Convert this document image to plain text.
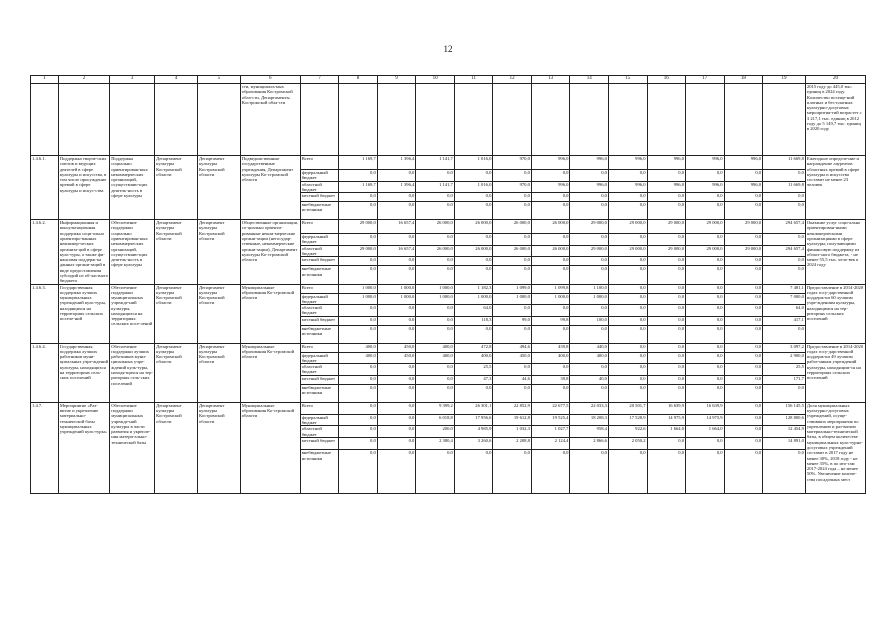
12
1	2	3	4	5	6	7	8	9	10	11	12	13	14	15	16	17	18	19	20
					сти, муниципаль-ных образования Костромской обла-сти, Департаменты Костромской обла-сти														2015 году до 445,0 тыс. единиц в 2024 году. Количество посеще-ний платных и бес-платных культурно-досуговых меропрития-тий возрастет с 3 217,1 тыс. единиц в 2012 году до 5 149,7 тыс. единиц в 2020 году
1.4.6.1.	Поддержка творче-ских союзов и ведущих деятелей в сфере культуры и искусства, в том числе присуждение премий в сфере культуры и искус-ства	Поддержка социально ориентирован-ных некоммерческих организаций, осуществляю-щих деятель-ность в сфере культуры	Департамент культуры Костромской области	Департамент культуры Костромской области	Подведомственные государственные учреждения, Департамент культуры Ко-стромской области	Всего	1 169,7	1 396,4	1 141,7	1 016,0	970,0	996,0	996,0	996,0	996,0	996,0	996,0	11 669,8	Ежегодное определе-ние и награждение лауреатов областных премий в сфере культуры и искусства составит не менее 23 человек
						федеральный бюджет	0,0	0,0	0,0	0,0	0,0	0,0	0,0	0,0	0,0	0,0	0,0	0,0	
						областной бюджет	1 169,7	1 396,4	1 141,7	1 016,0	970,0	996,0	996,0	996,0	996,0	996,0	996,0	11 669,8	
						местный бюджет	0,0	0,0	0,0	0,0	0,0	0,0	0,0	0,0	0,0	0,0	0,0	0,0	
						внебюджетные источники	0,0	0,0	0,0	0,0	0,0	0,0	0,0	0,0	0,0	0,0	0,0	0,0	
1.4.6.2.	Информационная и консультационная поддержка соци-ально ориентиро-ванных некоммер-ческих организа-ций в сфере куль-туры, а также фи-нансовая поддерж-ка данных органи-заций в виде предоставления субсидий из об-ластного бюджета	Обеспечение поддержки социально ориентирован-ных некоммерческих организаций, осуществляю-щих деятель-ность в сфере культуры	Департамент культуры Костромской области	Департамент культуры Костромской области	Общественные организации, со-циально ориенти-рованные неком-мерческие органи-зации (негосудар-ственные, некоммерческие органи-зации), Департамент культуры Ко-стромской области	Всего	29 000,0	16 657,4	26 000,0	26 000,0	26 000,0	26 000,0	29 000,0	29 000,0	29 000,0	29 000,0	29 000,0	294 657,4	Оказание услуг соци-ально ориентирован-ными некоммерческими организациями в сфере культуры, получающими финансовую поддержку из област-ного бюджета, - не менее 55,5 тыс. чело-век к 2024 году
						федеральный бюджет	0,0	0,0	0,0	0,0	0,0	0,0	0,0	0,0	0,0	0,0	0,0	0,0	
						областной бюджет	29 000,0	16 657,4	26 000,0	26 000,0	26 000,0	26 000,0	29 000,0	29 000,0	29 000,0	29 000,0	29 000,0	294 657,4	
						местный бюджет	0,0	0,0	0,0	0,0	0,0	0,0	0,0	0,0	0,0	0,0	0,0	0,0	
						внебюджетные источники	0,0	0,0	0,0	0,0	0,0	0,0	0,0	0,0	0,0	0,0	0,0	0,0	
1.4.6.3.	Государственная поддержка лучших муниципальных учреждений куль-туры, находящихся на территориях сельских поселе-ний	Обеспечение поддержки муниципальных учрежде-ний культуры, находящихся на территориях сельских посе-лений	Департамент культуры Костромской области	Департамент культуры Костромской области	Муниципальные образования Ко-стромской области	Всего	1 000,0	1 000,0	1 000,0	1 182,3	1 099,0	1 099,8	1 100,0	0,0	0,0	0,0	0,0	7 481,1	Предоставление в 2014-2020 годах госу-дарственной поддерж-ки 60 лучшим учре-ждениям культуры, находящимся на тер-риториях сельских поселений
						федеральный бюджет	1 000,0	1 000,0	1 000,0	1 000,0	1 000,0	1 000,0	1 000,0	0,0	0,0	0,0	0,0	7 000,0	
						областной бюджет	0,0	0,0	0,0	64,0	0,0	0,0	0,0	0,0	0,0	0,0	0,0	64,0	
						местный бюджет	0,0	0,0	0,0	118,3	99,0	99,8	100,0	0,0	0,0	0,0	0,0	417,1	
						внебюджетные источники	0,0	0,0	0,0	0,0	0,0	0,0	0,0	0,0	0,0	0,0	0,0	0,0	
1.4.6.4.	Государственная поддержка лучших работников муни-ципальных учре-ждений культуры, находящихся на территориях сель-ских поселений	Обеспечение поддержки лучших работников муни-ципальных учре-ждений куль-туры, находя-щихся на тер-риториях сель-ских поселений	Департамент культуры Костромской области	Департамент культуры Костромской области	Муниципальные образования Ко-стромской области	Всего	400,0	450,0	400,0	472,8	494,6	439,8	440,0	0,0	0,0	0,0	0,0	3 097,2	Предоставление в 2014-2020 годах госу-дарственной поддерж-ки 49 лучшим работ-никам учреждений культуры, находящим-ся на территориях сельских поселений
						федеральный бюджет	400,0	450,0	400,0	400,0	450,0	400,0	400,0	0,0	0,0	0,0	0,0	2 900,0	
						областной бюджет	0,0	0,0	0,0	25,5	0,0	0,0	0,0	0,0	0,0	0,0	0,0	25,5	
						местный бюджет	0,0	0,0	0,0	47,3	44,6	39,8	40,0	0,0	0,0	0,0	0,0	171,7	
						внебюджетные источники	0,0	0,0	0,0	0,0	0,0	0,0	0,0	0,0	0,0	0,0	0,0	0,0	
1.4.7.	Мероприятие «Раз-витие и укрепление материально-технической базы муниципальных учреждений куль-туры»	Обеспечение поддержки муниципальных учрежде-ний культуры в части развития и укрепле-ния матери-ально-технической базы	Департамент культуры Костромской области	Департамент культуры Костромской области	Муниципальные образования Ко-стромской области	Всего	0,0	0,0	9 399,2	26 301,1	22 852,9	22 677,5	22 033,3	20 501,7	16 639,9	16 639,9	0,0	156 145,5	Доля муниципальных культурно-досуговых учреждений, осуще-ствивших мероприятия по укреплению и раз-витию материально-технической базы, в общем количестве муниципальных куль-турно-досуговых учреждений составит в 2017 году не менее 30%, 2018 году - не менее 35%, в по ито-гам 2017-2024 года – не менее 50%. Увеличение количе-ства посадочных мест
						федеральный бюджет	0,0	0,0	6 018,8	17 956,6	19 612,8	19 525,4	18 208,3	17 528,9	14 975,9	14 975,9	0,0	128 800,6	
						областной бюджет	0,0	0,0	200,0	4 985,9	1 032,3	1 027,7	958,4	922,6	1 664,0	1 664,0	0,0	12 454,9	
						местный бюджет	0,0	0,0	2 380,4	3 260,6	2 208,8	2 124,4	2 866,6	2 050,2	0,0	0,0	0,0	14 891,0	
						внебюджетные источники	0,0	0,0	0,0	0,0	0,0	0,0	0,0	0,0	0,0	0,0	0,0	0,0	
